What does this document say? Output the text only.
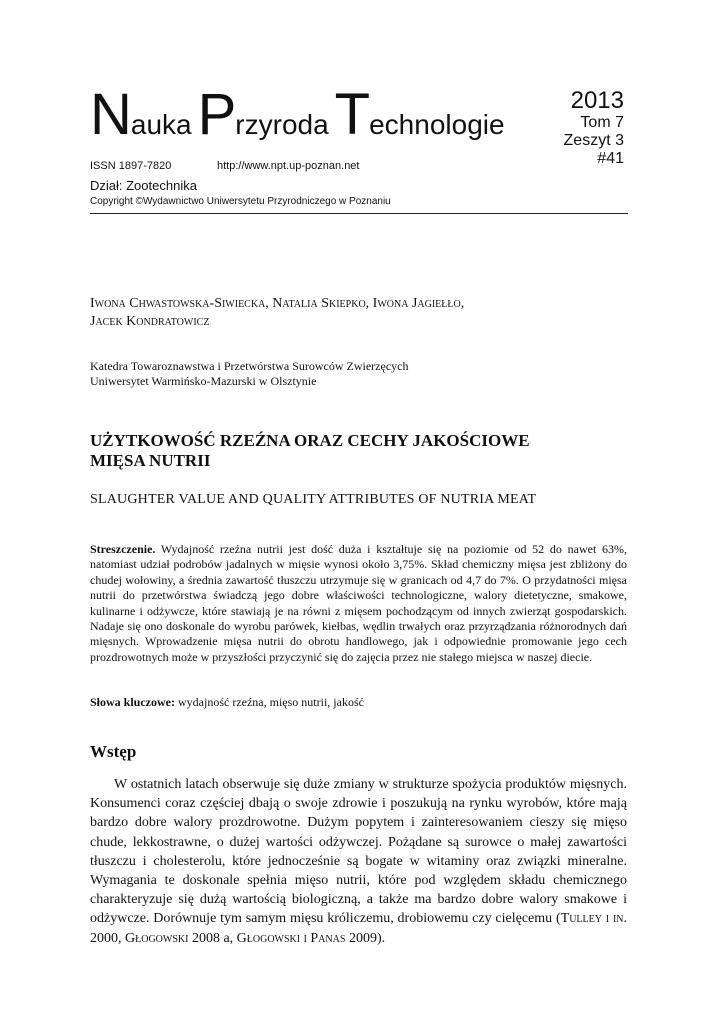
Nauka Przyroda Technologie
2013
Tom 7
Zeszyt 3
#41
ISSN 1897-7820	http://www.npt.up-poznan.net
Dział: Zootechnika
Copyright ©Wydawnictwo Uniwersytetu Przyrodniczego w Poznaniu
Iwona Chwastowska-Siwiecka, Natalia Skiepko, Iwona Jagiełło,
Jacek Kondratowicz
Katedra Towaroznawstwa i Przetwórstwa Surowców Zwierzęcych
Uniwersytet Warmińsko-Mazurski w Olsztynie
UŻYTKOWOŚĆ RZEŹNA ORAZ CECHY JAKOŚCIOWE
MIĘSA NUTRII
SLAUGHTER VALUE AND QUALITY ATTRIBUTES OF NUTRIA MEAT
Streszczenie. Wydajność rzeźna nutrii jest dość duża i kształtuje się na poziomie od 52 do nawet 63%, natomiast udział podrobów jadalnych w mięsie wynosi około 3,75%. Skład chemiczny mięsa jest zbliżony do chudej wołowiny, a średnia zawartość tłuszczu utrzymuje się w granicach od 4,7 do 7%. O przydatności mięsa nutrii do przetwórstwa świadczą jego dobre właściwości technologiczne, walory dietetyczne, smakowe, kulinarne i odżywcze, które stawiają je na równi z mięsem pochodzącym od innych zwierząt gospodarskich. Nadaje się ono doskonale do wyrobu parówek, kiełbas, wędlin trwałych oraz przyrządzania różnorodnych dań mięsnych. Wprowadzenie mięsa nutrii do obrotu handlowego, jak i odpowiednie promowanie jego cech prozdrowotnych może w przyszłości przyczynić się do zajęcia przez nie stałego miejsca w naszej diecie.
Słowa kluczowe: wydajność rzeźna, mięso nutrii, jakość
Wstęp
W ostatnich latach obserwuje się duże zmiany w strukturze spożycia produktów mięsnych. Konsumenci coraz częściej dbają o swoje zdrowie i poszukują na rynku wyrobów, które mają bardzo dobre walory prozdrowotne. Dużym popytem i zainteresowaniem cieszy się mięso chude, lekkostrawne, o dużej wartości odżywczej. Pożądane są surowce o małej zawartości tłuszczu i cholesterolu, które jednocześnie są bogate w witaminy oraz związki mineralne. Wymagania te doskonale spełnia mięso nutrii, które pod względem składu chemicznego charakteryzuje się dużą wartością biologiczną, a także ma bardzo dobre walory smakowe i odżywcze. Dorównuje tym samym mięsu króliczemu, drobiowemu czy cielęcemu (Tulley i in. 2000, Głogowski 2008 a, Głogowski i Panas 2009).
